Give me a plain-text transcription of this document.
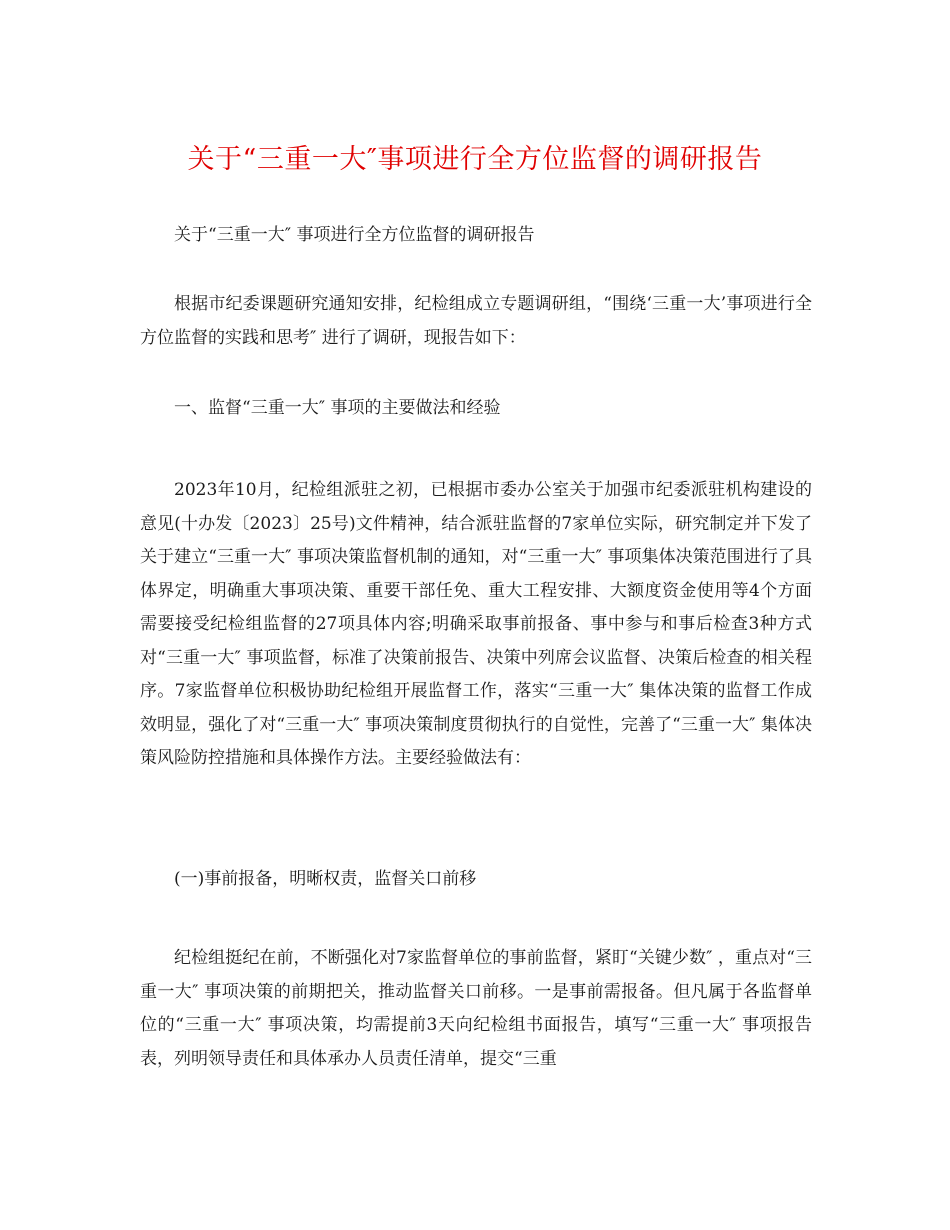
关于“三重一大″事项进行全方位监督的调研报告

关于“三重一大″ 事项进行全方位监督的调研报告

根据市纪委课题研究通知安排，纪检组成立专题调研组，“围绕‘三重一大’事项进行全方位监督的实践和思考″ 进行了调研，现报告如下：

一、监督“三重一大″ 事项的主要做法和经验

2023年10月，纪检组派驻之初，已根据市委办公室关于加强市纪委派驻机构建设的意见(十办发〔2023〕25号)文件精神，结合派驻监督的7家单位实际，研究制定并下发了关于建立“三重一大″ 事项决策监督机制的通知，对“三重一大″ 事项集体决策范围进行了具体界定，明确重大事项决策、重要干部任免、重大工程安排、大额度资金使用等4个方面需要接受纪检组监督的27项具体内容;明确采取事前报备、事中参与和事后检查3种方式对“三重一大″ 事项监督，标准了决策前报告、决策中列席会议监督、决策后检查的相关程序。7家监督单位积极协助纪检组开展监督工作，落实“三重一大″ 集体决策的监督工作成效明显，强化了对“三重一大″ 事项决策制度贯彻执行的自觉性，完善了“三重一大″ 集体决策风险防控措施和具体操作方法。主要经验做法有：

(一)事前报备，明晰权责，监督关口前移

纪检组挺纪在前，不断强化对7家监督单位的事前监督，紧盯“关键少数″ ，重点对“三重一大″ 事项决策的前期把关，推动监督关口前移。一是事前需报备。但凡属于各监督单位的“三重一大″ 事项决策，均需提前3天向纪检组书面报告，填写“三重一大″ 事项报告表，列明领导责任和具体承办人员责任清单，提交“三重
